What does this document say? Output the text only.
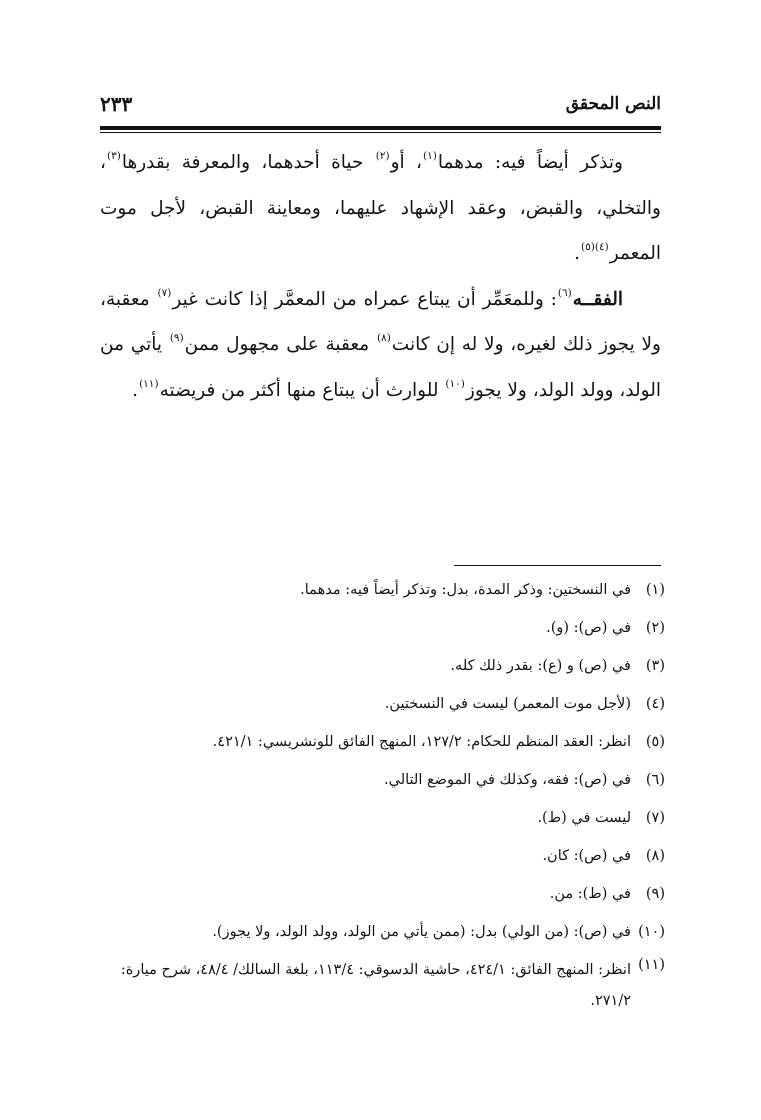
النص المحقق
٢٣٣

وتذكر أيضاً فيه: مدهما$^{(١)}$، أو$^{(٢)}$ حياة أحدهما، والمعرفة بقدرها$^{(٣)}$، والتخلي، والقبض، وعقد الإشهاد عليهما، ومعاينة القبض، لأجل موت المعمر$^{(٤)(٥)}$.

الفقــه$^{(٦)}$: وللمعَمِّر أن يبتاع عمراه من المعمَّر إذا كانت غير$^{(٧)}$ معقبة، ولا يجوز ذلك لغيره، ولا له إن كانت$^{(٨)}$ معقبة على مجهول ممن$^{(٩)}$ يأتي من الولد، وولد الولد، ولا يجوز$^{(١٠)}$ للوارث أن يبتاع منها أكثر من فريضته$^{(١١)}$.

(١)
في النسختين: وذكر المدة، بدل: وتذكر أيضاً فيه: مدهما.
(٢)
في (ص): (و).
(٣)
في (ص) و (ع): بقدر ذلك كله.
(٤)
(لأجل موت المعمر) ليست في النسختين.
(٥)
انظر: العقد المنظم للحكام: ١٢٧/٢، المنهج الفائق للونشريسي: ٤٢١/١.
(٦)
في (ص): فقه، وكذلك في الموضع التالي.
(٧)
ليست في (ط).
(٨)
في (ص): كان.
(٩)
في (ط): من.
(١٠)
في (ص): (من الولي) بدل: (ممن يأتي من الولد، وولد الولد، ولا يجوز).
(١١)
انظر: المنهج الفائق: ٤٢٤/١، حاشية الدسوقي: ١١٣/٤، بلغة السالك/ ٤٨/٤، شرح ميارة: ٢٧١/٢.
